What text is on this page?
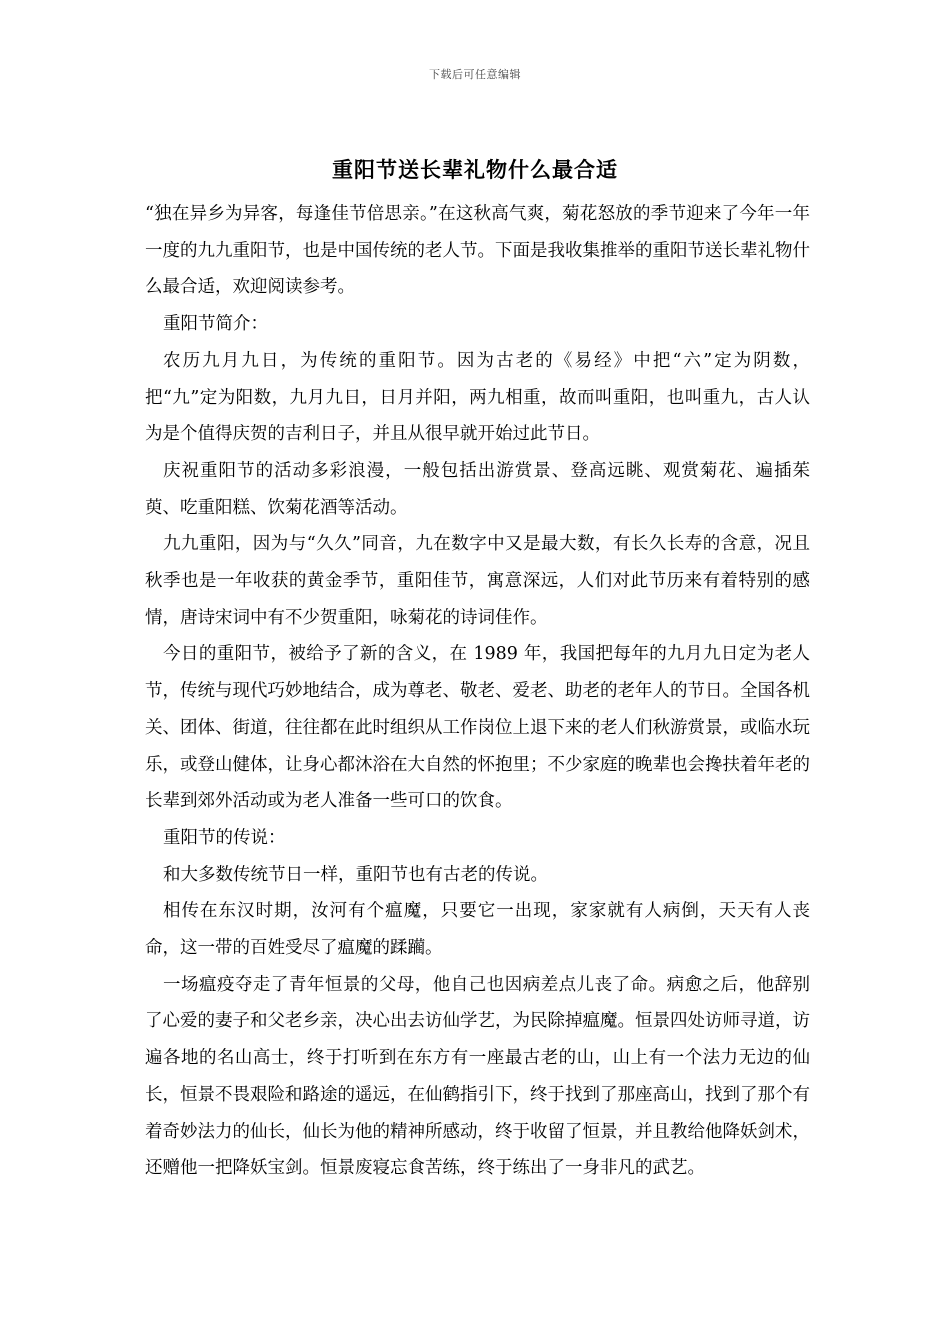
下载后可任意编辑
重阳节送长辈礼物什么最合适

“独在异乡为异客，每逢佳节倍思亲。”在这秋高气爽，菊花怒放的季节迎来了今年一年一度的九九重阳节，也是中国传统的老人节。下面是我收集推举的重阳节送长辈礼物什么最合适，欢迎阅读参考。

重阳节简介：

农历九月九日，为传统的重阳节。因为古老的《易经》中把“六”定为阴数，把“九”定为阳数，九月九日，日月并阳，两九相重，故而叫重阳，也叫重九，古人认为是个值得庆贺的吉利日子，并且从很早就开始过此节日。

庆祝重阳节的活动多彩浪漫，一般包括出游赏景、登高远眺、观赏菊花、遍插茱萸、吃重阳糕、饮菊花酒等活动。

九九重阳，因为与“久久”同音，九在数字中又是最大数，有长久长寿的含意，况且秋季也是一年收获的黄金季节，重阳佳节，寓意深远，人们对此节历来有着特别的感情，唐诗宋词中有不少贺重阳，咏菊花的诗词佳作。

今日的重阳节，被给予了新的含义，在 1989 年，我国把每年的九月九日定为老人节，传统与现代巧妙地结合，成为尊老、敬老、爱老、助老的老年人的节日。全国各机关、团体、街道，往往都在此时组织从工作岗位上退下来的老人们秋游赏景，或临水玩乐，或登山健体，让身心都沐浴在大自然的怀抱里；不少家庭的晚辈也会搀扶着年老的长辈到郊外活动或为老人准备一些可口的饮食。

重阳节的传说：

和大多数传统节日一样，重阳节也有古老的传说。

相传在东汉时期，汝河有个瘟魔，只要它一出现，家家就有人病倒，天天有人丧命，这一带的百姓受尽了瘟魔的蹂躏。

一场瘟疫夺走了青年恒景的父母，他自己也因病差点儿丧了命。病愈之后，他辞别了心爱的妻子和父老乡亲，决心出去访仙学艺，为民除掉瘟魔。恒景四处访师寻道，访遍各地的名山高士，终于打听到在东方有一座最古老的山，山上有一个法力无边的仙长，恒景不畏艰险和路途的遥远，在仙鹤指引下，终于找到了那座高山，找到了那个有着奇妙法力的仙长，仙长为他的精神所感动，终于收留了恒景，并且教给他降妖剑术，还赠他一把降妖宝剑。恒景废寝忘食苦练，终于练出了一身非凡的武艺。
